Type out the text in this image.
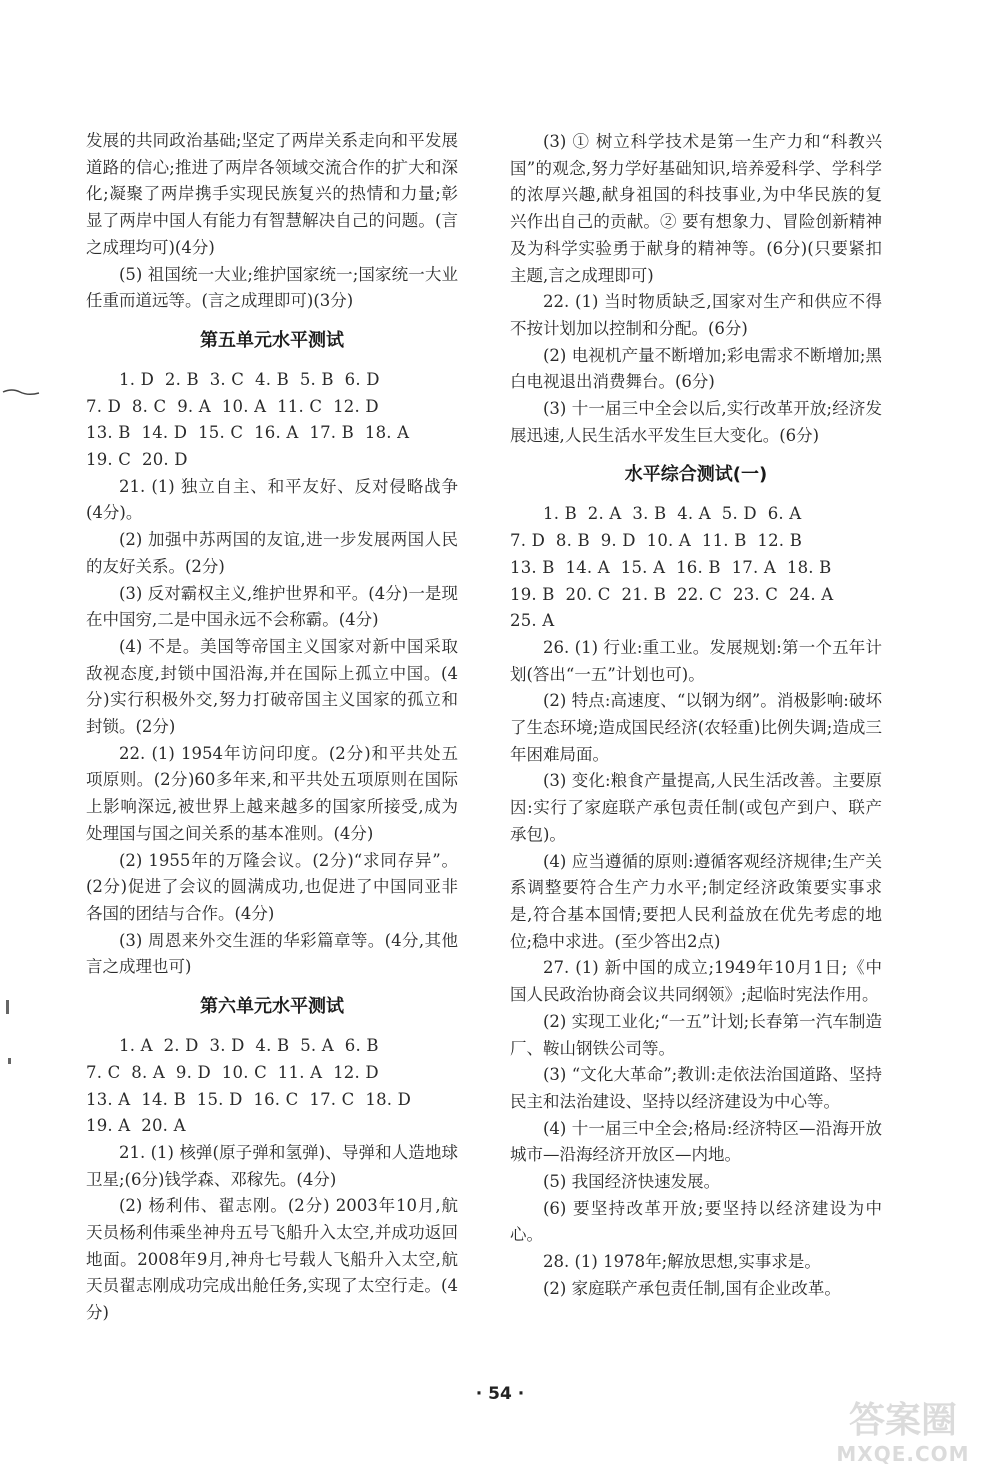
发展的共同政治基础;坚定了两岸关系走向和平发展道路的信心;推进了两岸各领域交流合作的扩大和深化;凝聚了两岸携手实现民族复兴的热情和力量;彰显了两岸中国人有能力有智慧解决自己的问题。(言之成理均可)(4分)

(5) 祖国统一大业;维护国家统一;国家统一大业任重而道远等。(言之成理即可)(3分)

第五单元水平测试

1. D  2. B  3. C  4. B  5. B  6. D

7. D  8. C  9. A  10. A  11. C  12. D

13. B  14. D  15. C  16. A  17. B  18. A

19. C  20. D

21. (1) 独立自主、和平友好、反对侵略战争(4分)。

(2) 加强中苏两国的友谊,进一步发展两国人民的友好关系。(2分)

(3) 反对霸权主义,维护世界和平。(4分)一是现在中国穷,二是中国永远不会称霸。(4分)

(4) 不是。美国等帝国主义国家对新中国采取敌视态度,封锁中国沿海,并在国际上孤立中国。(4分)实行积极外交,努力打破帝国主义国家的孤立和封锁。(2分)

22. (1) 1954年访问印度。(2分)和平共处五项原则。(2分)60多年来,和平共处五项原则在国际上影响深远,被世界上越来越多的国家所接受,成为处理国与国之间关系的基本准则。(4分)

(2) 1955年的万隆会议。(2分)“求同存异”。(2分)促进了会议的圆满成功,也促进了中国同亚非各国的团结与合作。(4分)

(3) 周恩来外交生涯的华彩篇章等。(4分,其他言之成理也可)

第六单元水平测试

1. A  2. D  3. D  4. B  5. A  6. B

7. C  8. A  9. D  10. C  11. A  12. D

13. A  14. B  15. D  16. C  17. C  18. D

19. A  20. A

21. (1) 核弹(原子弹和氢弹)、导弹和人造地球卫星;(6分)钱学森、邓稼先。(4分)

(2) 杨利伟、翟志刚。(2分) 2003年10月,航天员杨利伟乘坐神舟五号飞船升入太空,并成功返回地面。2008年9月,神舟七号载人飞船升入太空,航天员翟志刚成功完成出舱任务,实现了太空行走。(4分)

(3) ① 树立科学技术是第一生产力和“科教兴国”的观念,努力学好基础知识,培养爱科学、学科学的浓厚兴趣,献身祖国的科技事业,为中华民族的复兴作出自己的贡献。② 要有想象力、冒险创新精神及为科学实验勇于献身的精神等。(6分)(只要紧扣主题,言之成理即可)

22. (1) 当时物质缺乏,国家对生产和供应不得不按计划加以控制和分配。(6分)

(2) 电视机产量不断增加;彩电需求不断增加;黑白电视退出消费舞台。(6分)

(3) 十一届三中全会以后,实行改革开放;经济发展迅速,人民生活水平发生巨大变化。(6分)

水平综合测试(一)

1. B  2. A  3. B  4. A  5. D  6. A

7. D  8. B  9. D  10. A  11. B  12. B

13. B  14. A  15. A  16. B  17. A  18. B

19. B  20. C  21. B  22. C  23. C  24. A

25. A

26. (1) 行业:重工业。发展规划:第一个五年计划(答出“一五”计划也可)。

(2) 特点:高速度、“以钢为纲”。消极影响:破坏了生态环境;造成国民经济(农轻重)比例失调;造成三年困难局面。

(3) 变化:粮食产量提高,人民生活改善。主要原因:实行了家庭联产承包责任制(或包产到户、联产承包)。

(4) 应当遵循的原则:遵循客观经济规律;生产关系调整要符合生产力水平;制定经济政策要实事求是,符合基本国情;要把人民利益放在优先考虑的地位;稳中求进。(至少答出2点)

27. (1) 新中国的成立;1949年10月1日;《中国人民政治协商会议共同纲领》;起临时宪法作用。

(2) 实现工业化;“一五”计划;长春第一汽车制造厂、鞍山钢铁公司等。

(3) “文化大革命”;教训:走依法治国道路、坚持民主和法治建设、坚持以经济建设为中心等。

(4) 十一届三中全会;格局:经济特区—沿海开放城市—沿海经济开放区—内地。

(5) 我国经济快速发展。

(6) 要坚持改革开放;要坚持以经济建设为中心。

28. (1) 1978年;解放思想,实事求是。

(2) 家庭联产承包责任制,国有企业改革。

· 54 ·
答案圈
MXQE.COM
